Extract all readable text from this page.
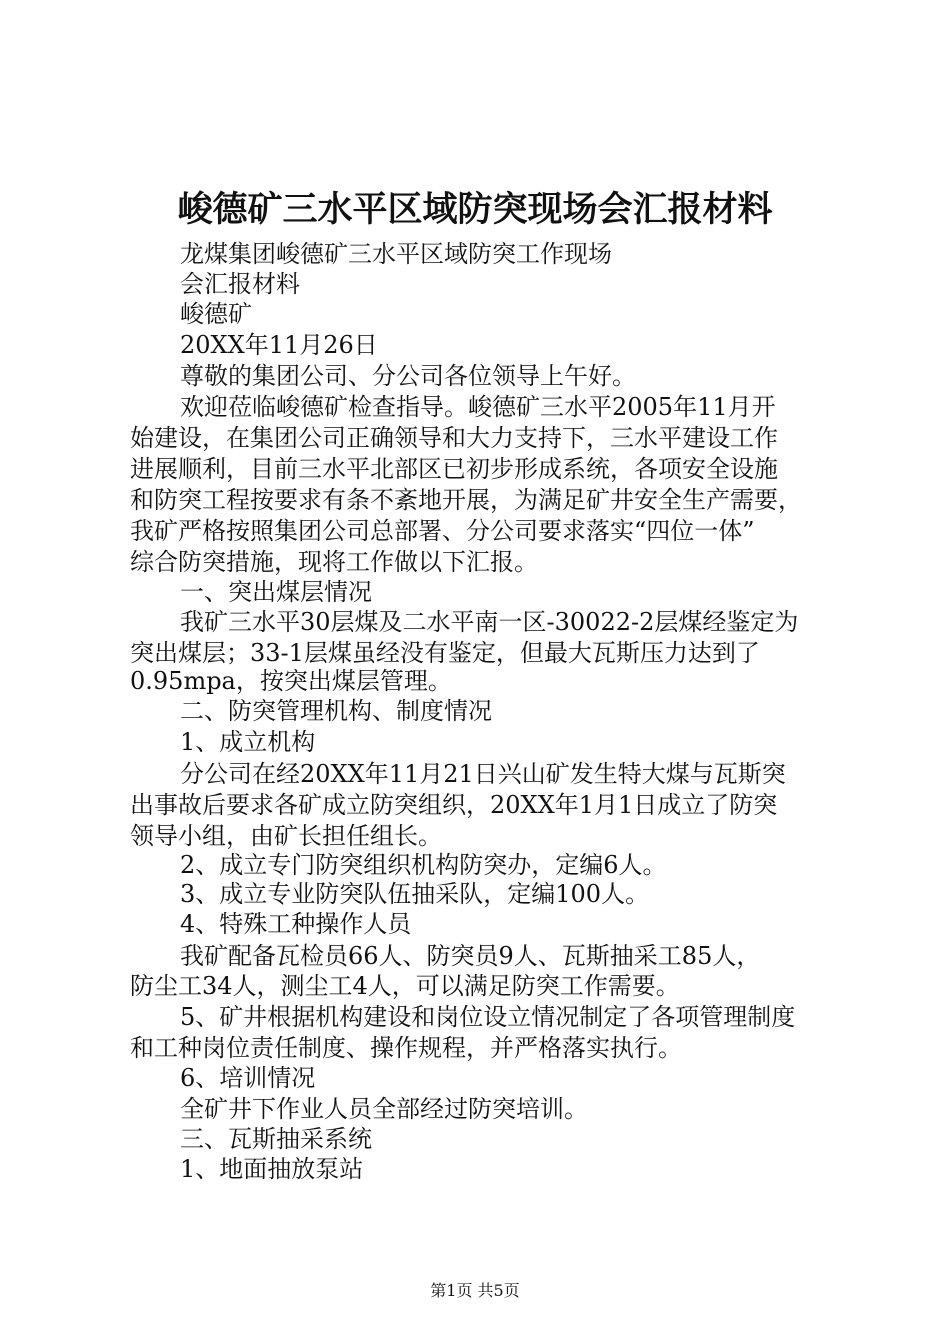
峻德矿三水平区域防突现场会汇报材料
龙煤集团峻德矿三水平区域防突工作现场
会汇报材料
峻德矿
20XX年11月26日
尊敬的集团公司、分公司各位领导上午好。
欢迎莅临峻德矿检查指导。峻德矿三水平2005年11月开
始建设，在集团公司正确领导和大力支持下，三水平建设工作
进展顺利，目前三水平北部区已初步形成系统，各项安全设施
和防突工程按要求有条不紊地开展，为满足矿井安全生产需要，
我矿严格按照集团公司总部署、分公司要求落实“四位一体”
综合防突措施，现将工作做以下汇报。
一、突出煤层情况
我矿三水平30层煤及二水平南一区-30022-2层煤经鉴定为
突出煤层；33-1层煤虽经没有鉴定，但最大瓦斯压力达到了
0.95mpa，按突出煤层管理。
二、防突管理机构、制度情况
1、成立机构
分公司在经20XX年11月21日兴山矿发生特大煤与瓦斯突
出事故后要求各矿成立防突组织，20XX年1月1日成立了防突
领导小组，由矿长担任组长。
2、成立专门防突组织机构防突办，定编6人。
3、成立专业防突队伍抽采队，定编100人。
4、特殊工种操作人员
我矿配备瓦检员66人、防突员9人、瓦斯抽采工85人，
防尘工34人，测尘工4人，可以满足防突工作需要。
5、矿井根据机构建设和岗位设立情况制定了各项管理制度
和工种岗位责任制度、操作规程，并严格落实执行。
6、培训情况
全矿井下作业人员全部经过防突培训。
三、瓦斯抽采系统
1、地面抽放泵站
第1页 共5页
